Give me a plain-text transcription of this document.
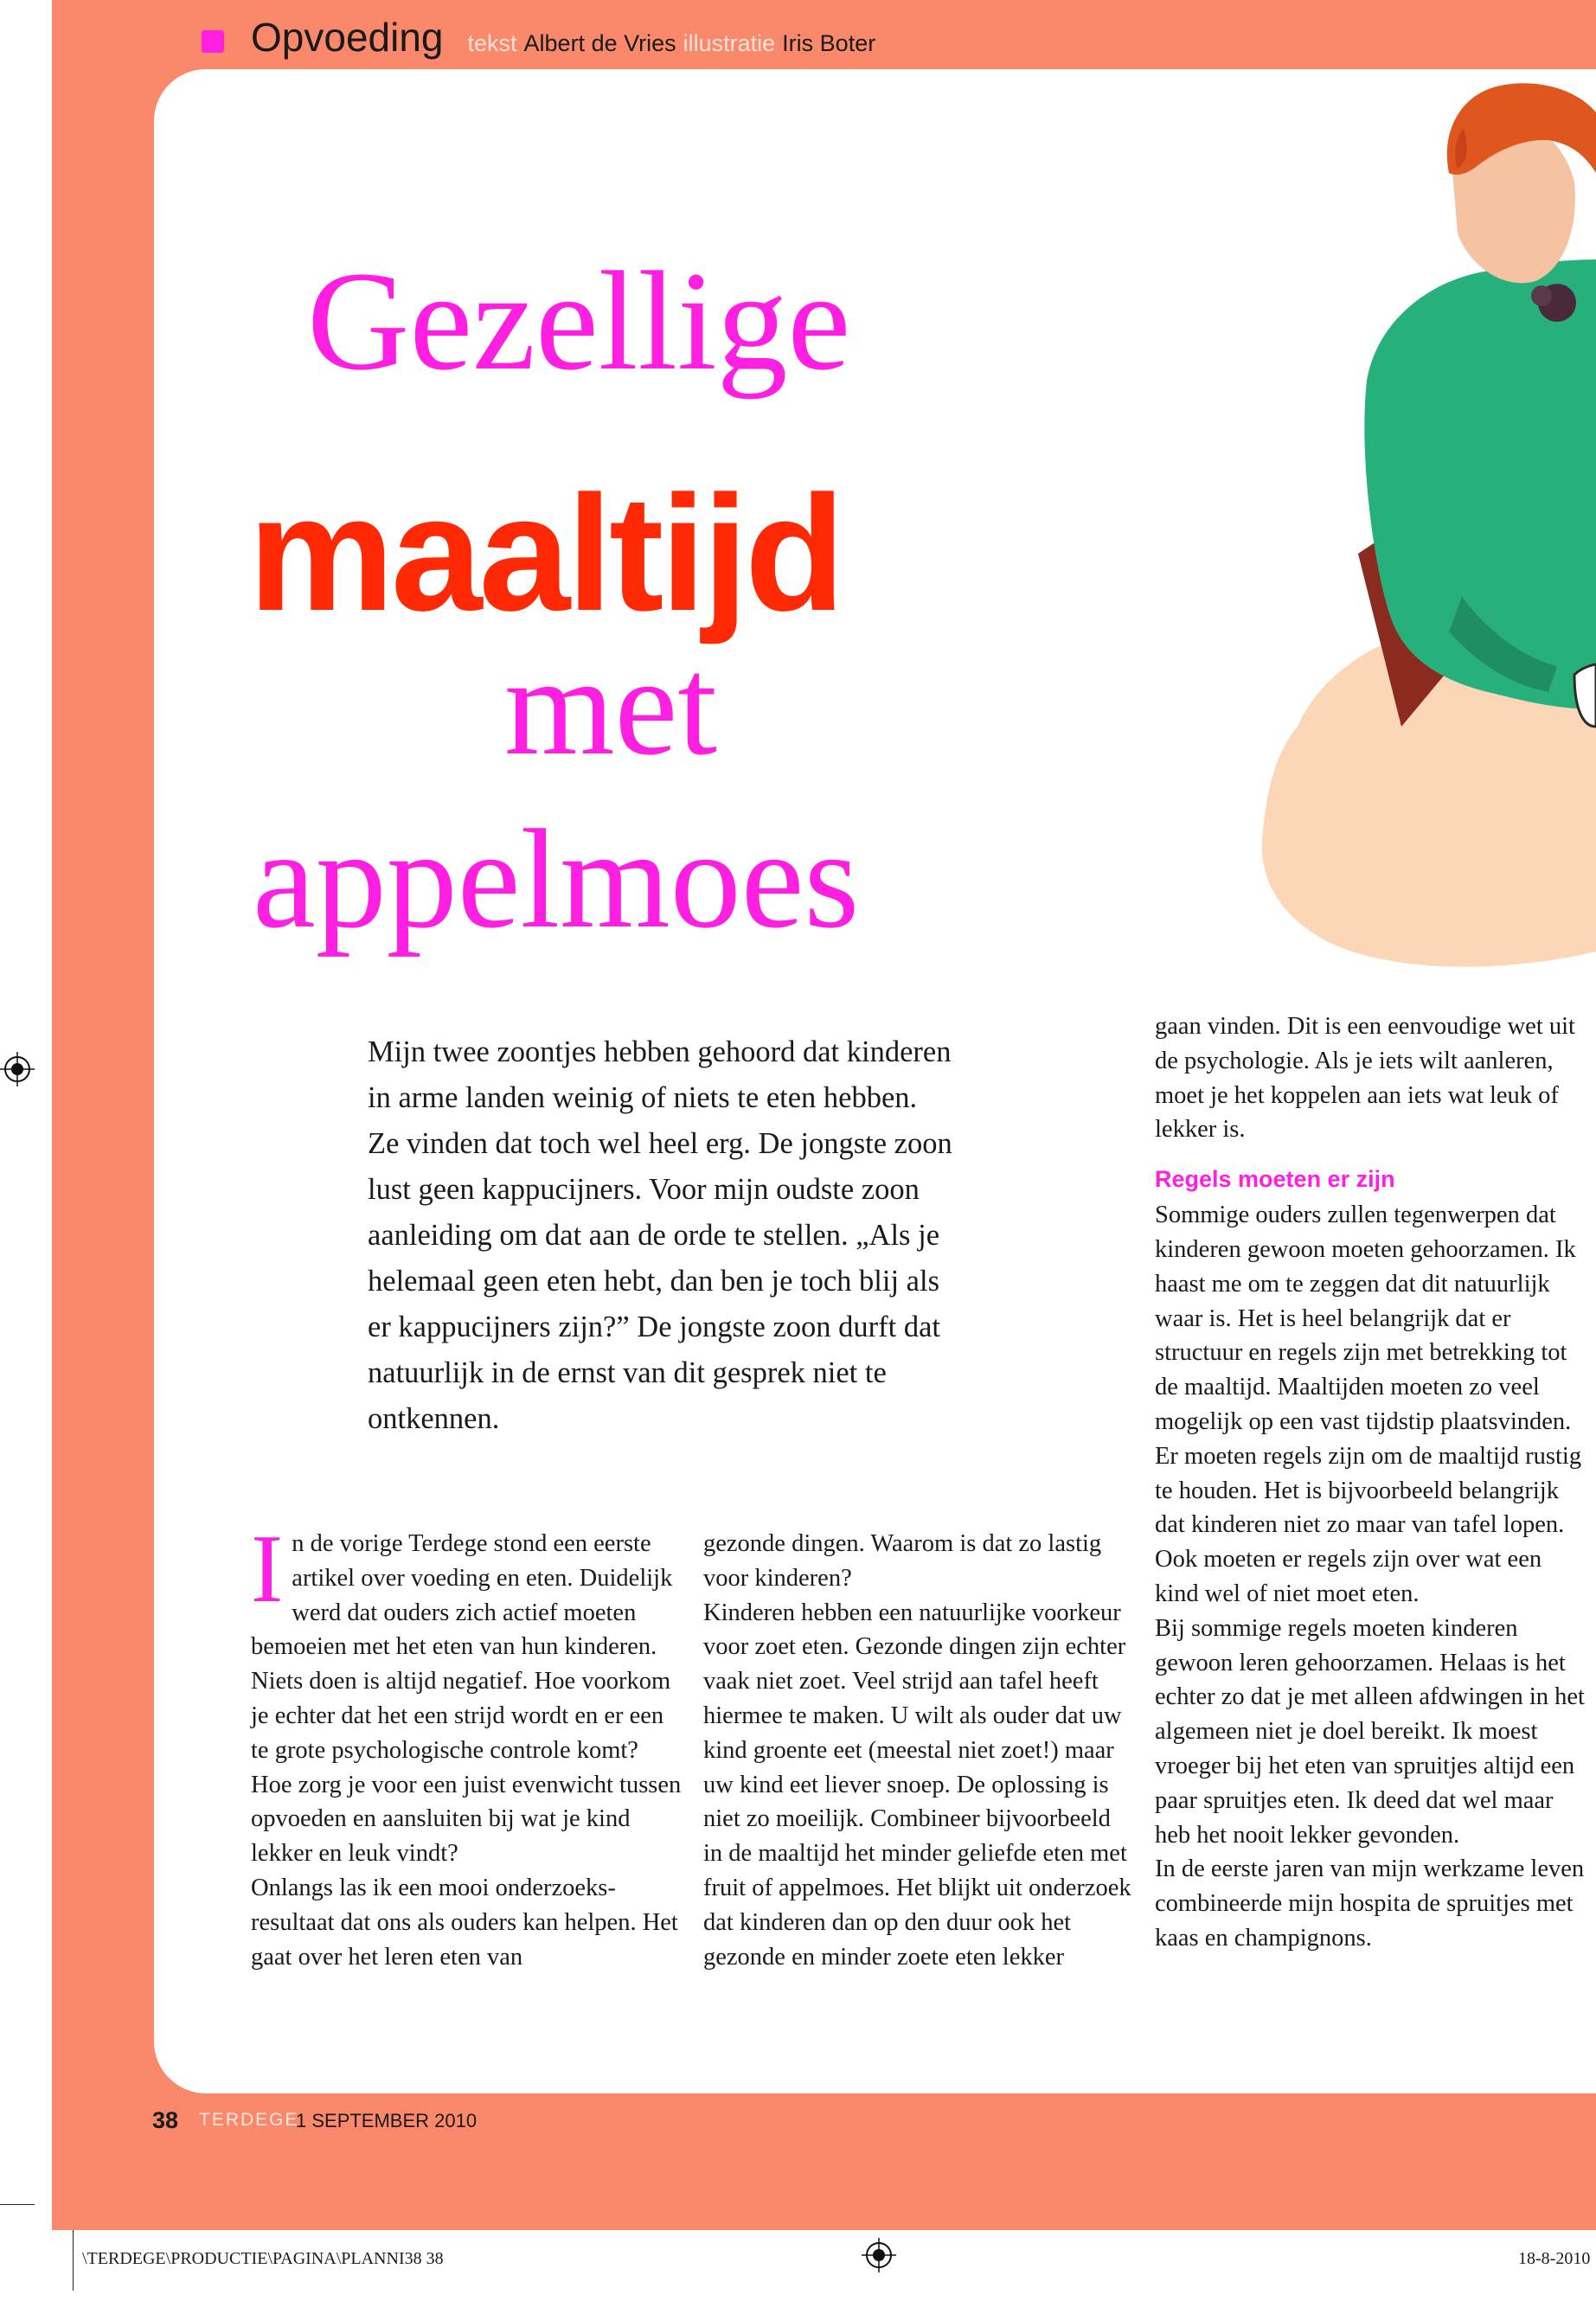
Opvoeding tekst Albert de Vries illustratie Iris Boter
Gezellige
maaltijd
met
appelmoes
Mijn twee zoontjes hebben gehoord dat kinderen in arme landen weinig of niets te eten hebben. Ze vinden dat toch wel heel erg. De jongste zoon lust geen kappucijners. Voor mijn oudste zoon aanleiding om dat aan de orde te stellen. „Als je helemaal geen eten hebt, dan ben je toch blij als er kappucijners zijn?” De jongste zoon durft dat natuurlijk in de ernst van dit gesprek niet te ontkennen.
I n de vorige Terdege stond een eerste artikel over voeding en eten. Duidelijk werd dat ouders zich actief moeten bemoeien met het eten van hun kinderen. Niets doen is altijd negatief. Hoe voorkom je echter dat het een strijd wordt en er een te grote psychologische controle komt? Hoe zorg je voor een juist evenwicht tussen opvoeden en aansluiten bij wat je kind lekker en leuk vindt?

Onlangs las ik een mooi onderzoeks-resultaat dat ons als ouders kan helpen. Het gaat over het leren eten van

gezonde dingen. Waarom is dat zo lastig voor kinderen?

Kinderen hebben een natuurlijke voorkeur voor zoet eten. Gezonde dingen zijn echter vaak niet zoet. Veel strijd aan tafel heeft hiermee te maken. U wilt als ouder dat uw kind groente eet (meestal niet zoet!) maar uw kind eet liever snoep. De oplossing is niet zo moeilijk. Combineer bijvoorbeeld in de maaltijd het minder geliefde eten met fruit of appelmoes. Het blijkt uit onderzoek dat kinderen dan op den duur ook het gezonde en minder zoete eten lekker

gaan vinden. Dit is een eenvoudige wet uit de psychologie. Als je iets wilt aanleren, moet je het koppelen aan iets wat leuk of lekker is.

Regels moeten er zijn

Sommige ouders zullen tegenwerpen dat kinderen gewoon moeten gehoorzamen. Ik haast me om te zeggen dat dit natuurlijk waar is. Het is heel belangrijk dat er structuur en regels zijn met betrekking tot de maaltijd. Maaltijden moeten zo veel mogelijk op een vast tijdstip plaatsvinden. Er moeten regels zijn om de maaltijd rustig te houden. Het is bijvoorbeeld belangrijk dat kinderen niet zo maar van tafel lopen. Ook moeten er regels zijn over wat een kind wel of niet moet eten.

Bij sommige regels moeten kinderen gewoon leren gehoorzamen. Helaas is het echter zo dat je met alleen afdwingen in het algemeen niet je doel bereikt. Ik moest vroeger bij het eten van spruitjes altijd een paar spruitjes eten. Ik deed dat wel maar heb het nooit lekker gevonden.

In de eerste jaren van mijn werkzame leven combineerde mijn hospita de spruitjes met kaas en champignons.

38 TERDEGE
1 SEPTEMBER 2010
\TERDEGE\PRODUCTIE\PAGINA\PLANNI38 38	18-8-2010
